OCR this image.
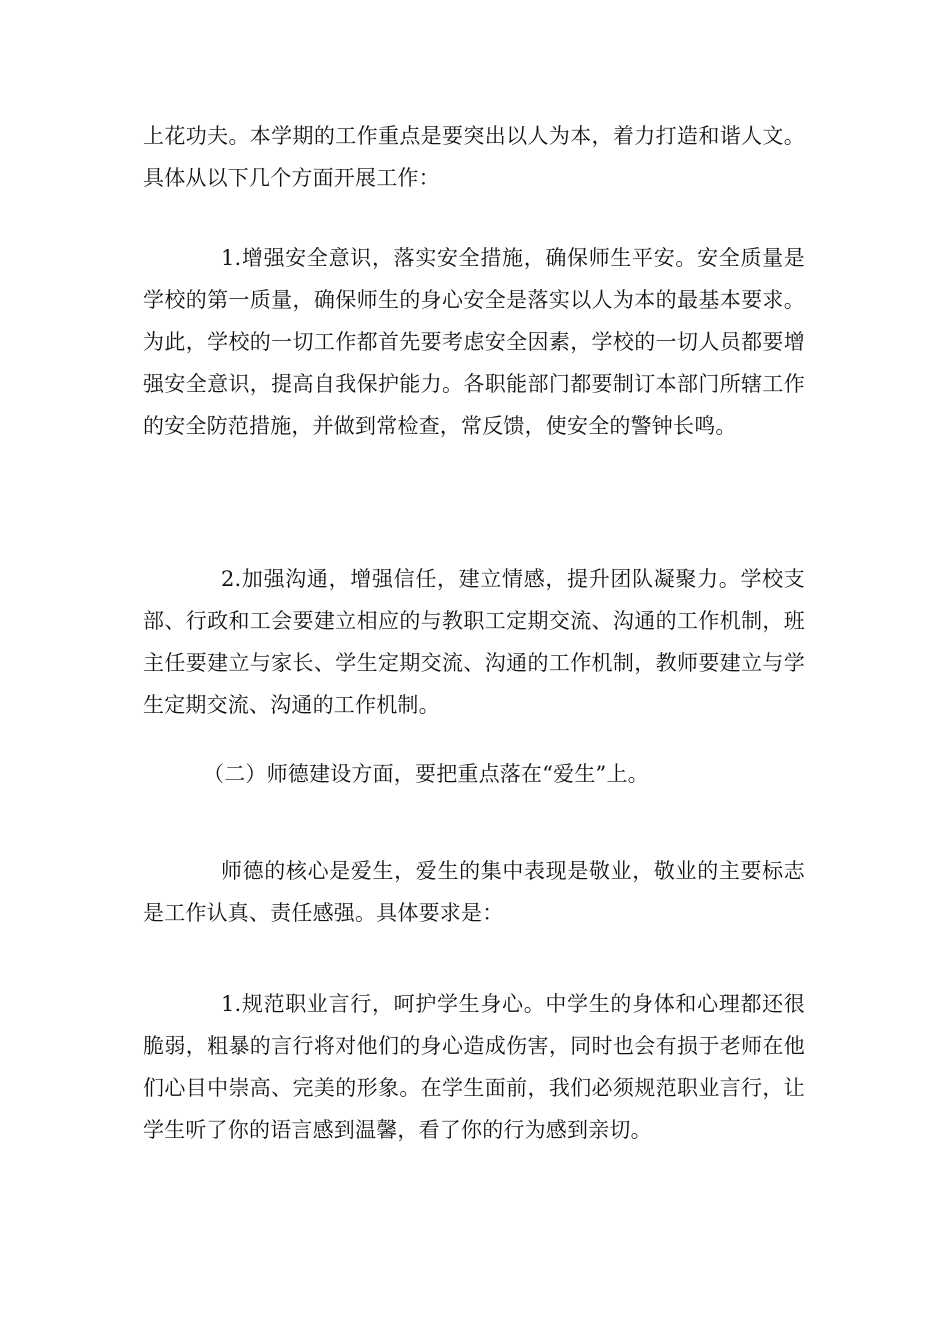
上花功夫。本学期的工作重点是要突出以人为本，着力打造和谐人文。具体从以下几个方面开展工作：

1.增强安全意识，落实安全措施，确保师生平安。安全质量是学校的第一质量，确保师生的身心安全是落实以人为本的最基本要求。为此，学校的一切工作都首先要考虑安全因素，学校的一切人员都要增强安全意识，提高自我保护能力。各职能部门都要制订本部门所辖工作的安全防范措施，并做到常检查，常反馈，使安全的警钟长鸣。

2.加强沟通，增强信任，建立情感，提升团队凝聚力。学校支部、行政和工会要建立相应的与教职工定期交流、沟通的工作机制，班主任要建立与家长、学生定期交流、沟通的工作机制，教师要建立与学生定期交流、沟通的工作机制。

（二）师德建设方面，要把重点落在“爱生”上。

师德的核心是爱生，爱生的集中表现是敬业，敬业的主要标志是工作认真、责任感强。具体要求是：

1.规范职业言行，呵护学生身心。中学生的身体和心理都还很脆弱，粗暴的言行将对他们的身心造成伤害，同时也会有损于老师在他们心目中崇高、完美的形象。在学生面前，我们必须规范职业言行，让学生听了你的语言感到温馨，看了你的行为感到亲切。
